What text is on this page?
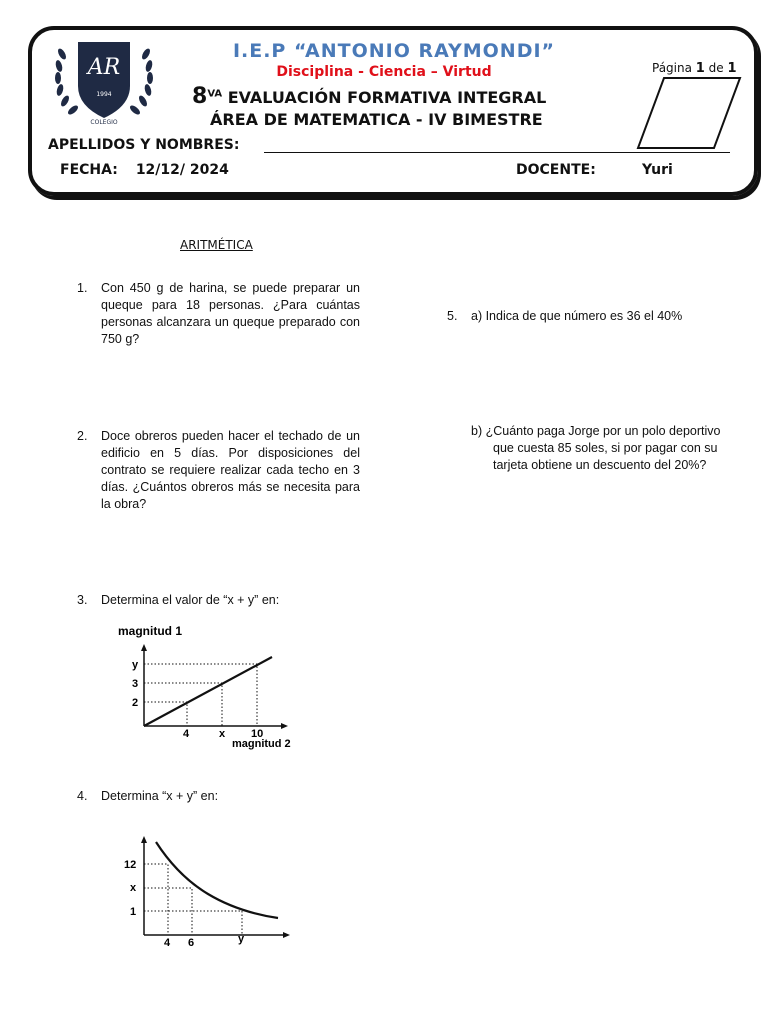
AR
1994
COLEGIO
I.E.P “ANTONIO RAYMONDI”
Disciplina - Ciencia – Virtud	Página 1 de 1
$8^{VA}$ EVALUACIÓN FORMATIVA INTEGRAL
ÁREA DE MATEMATICA - IV BIMESTRE
APELLIDOS Y NOMBRES:
FECHA: 12/12/ 2024	DOCENTE:	Yuri
ARITMÉTICA
1. Con 450 g de harina, se puede preparar un queque para 18 personas. ¿Para cuántas personas alcanzara un queque preparado con 750 g?
2. Doce obreros pueden hacer el techado de un edificio en 5 días. Por disposiciones del contrato se requiere realizar cada techo en 3 días. ¿Cuántos obreros más se necesita para la obra?
3. Determina el valor de “x + y” en:
magnitud 1
y
3
2
4	x 10
magnitud 2
4. Determina “x + y” en:
12
x
1
4 6	y
5. a) Indica de que número es 36 el 40%
b) ¿Cuánto paga Jorge por un polo deportivo que cuesta 85 soles, si por pagar con su tarjeta obtiene un descuento del 20%?
